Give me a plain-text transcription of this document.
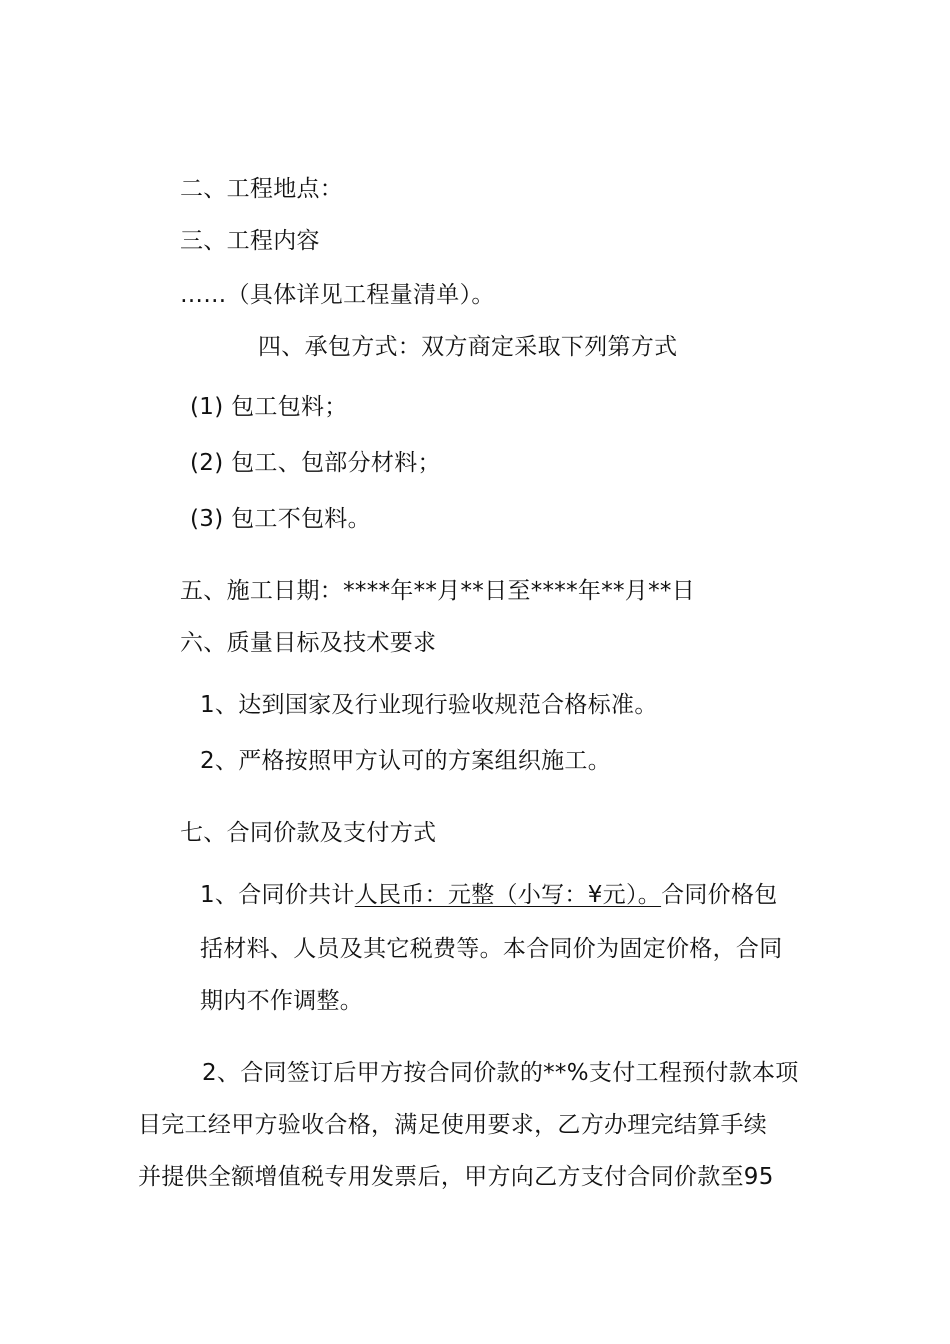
二、工程地点：
三、工程内容
……（具体详见工程量清单）。
四、承包方式：双方商定采取下列第方式
(1) 包工包料；
(2) 包工、包部分材料；
(3) 包工不包料。
五、施工日期：****年**月**日至****年**月**日
六、质量目标及技术要求
1、达到国家及行业现行验收规范合格标准。
2、严格按照甲方认可的方案组织施工。
七、合同价款及支付方式
1、合同价共计人民币：元整（小写：¥元）。合同价格包
括材料、人员及其它税费等。本合同价为固定价格，合同
期内不作调整。
2、合同签订后甲方按合同价款的**%支付工程预付款本项
目完工经甲方验收合格，满足使用要求，乙方办理完结算手续
并提供全额增值税专用发票后，甲方向乙方支付合同价款至95
